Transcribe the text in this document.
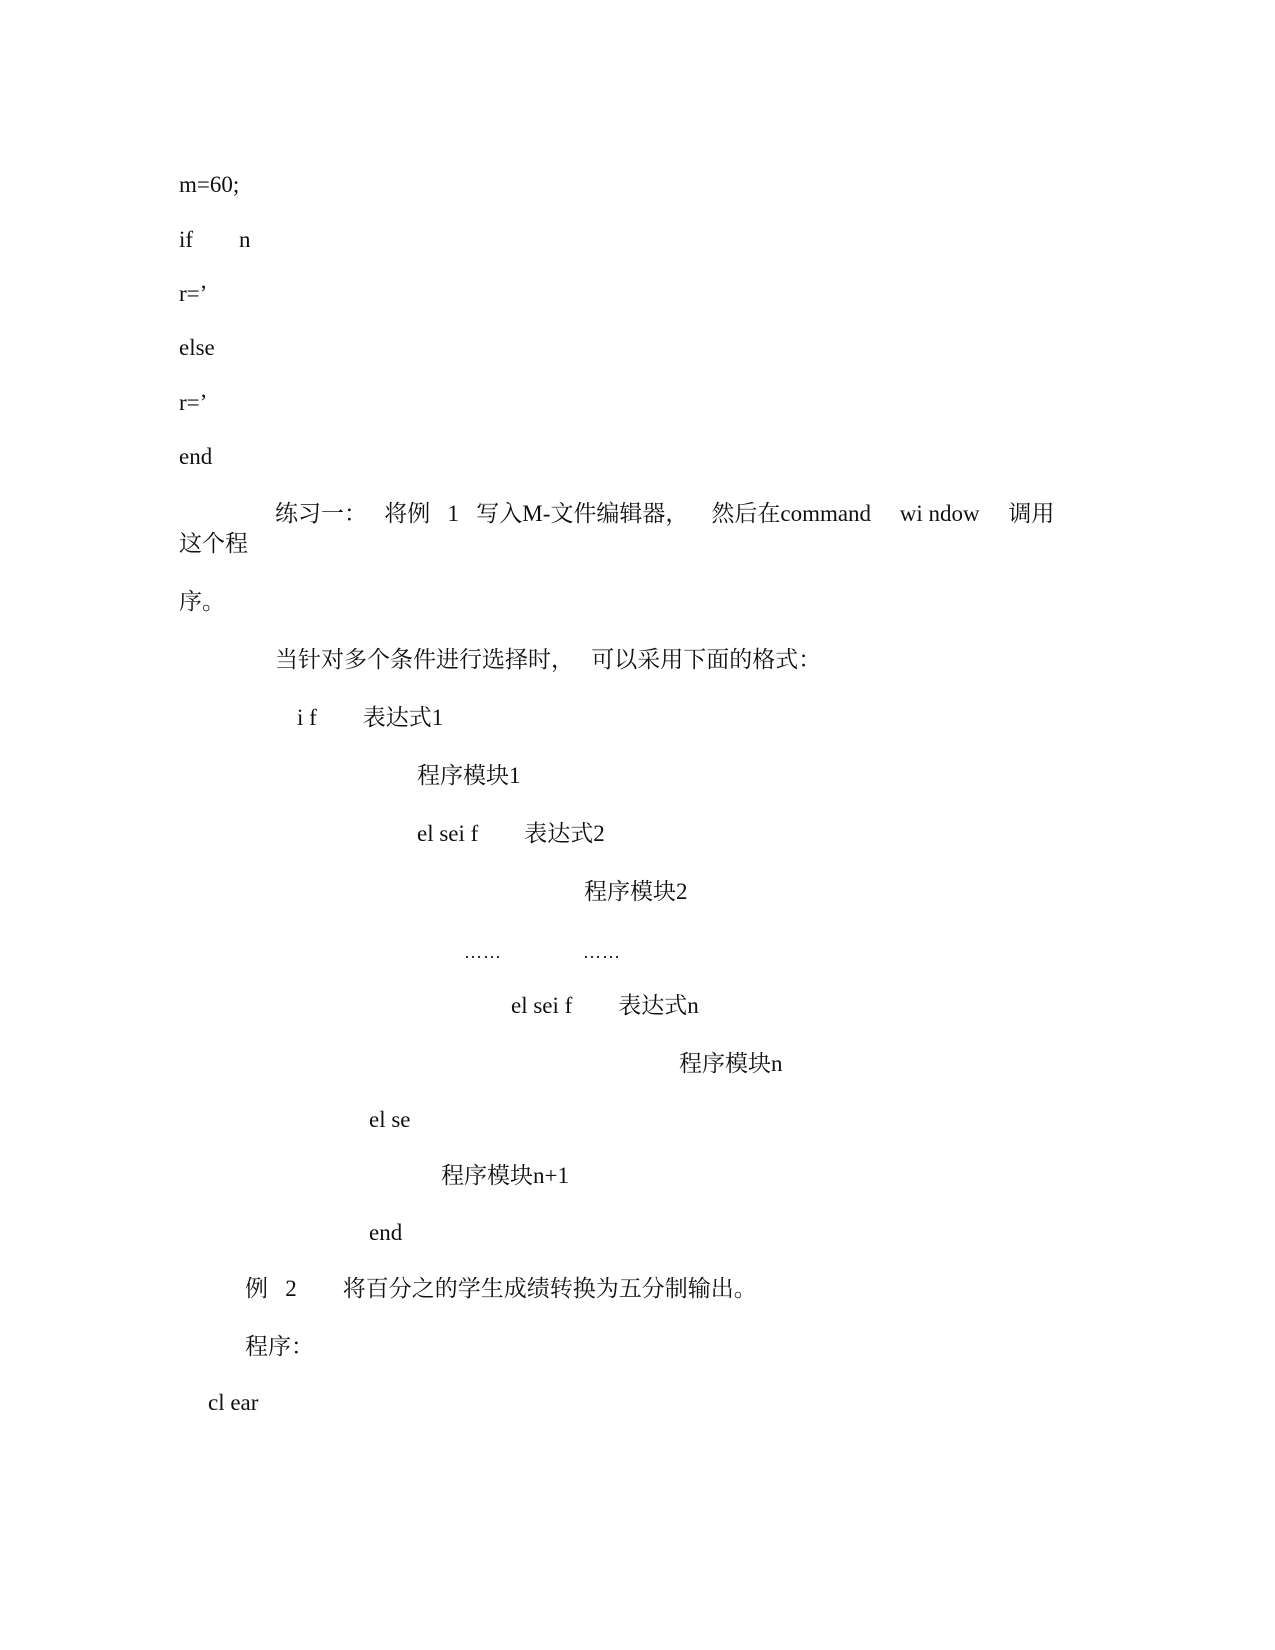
m=60;
if        n
r=’
else
r=’
end
练习一：   将例   1   写入M-文件编辑器，    然后在command     wi ndow     调用
这个程
序。
当针对多个条件进行选择时，   可以采用下面的格式：
i f        表达式1
程序模块1
el sei f        表达式2
程序模块2
……	……
el sei f        表达式n
程序模块n
el se
程序模块n+1
end
例   2        将百分之的学生成绩转换为五分制输出。
程序：
cl ear
